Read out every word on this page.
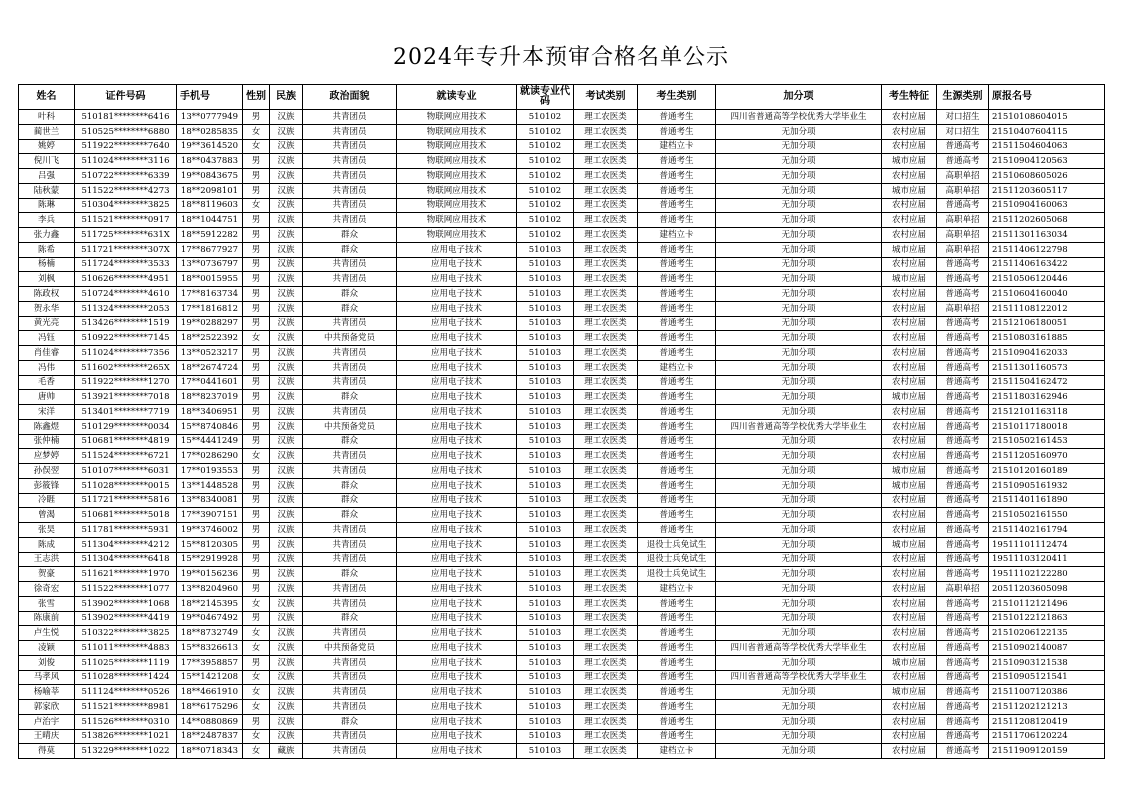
2024年专升本预审合格名单公示
姓名	证件号码	手机号	性别	民族	政治面貌	就读专业	就读专业代码	考试类别	考生类别	加分项	考生特征	生源类别	原报名号
叶科	510181********6416	13**0777949	男	汉族	共青团员	物联网应用技术	510102	理工农医类	普通考生	四川省普通高等学校优秀大学毕业生	农村应届	对口招生	21510108604015
蔺世兰	510525********6880	18**0285835	女	汉族	共青团员	物联网应用技术	510102	理工农医类	普通考生	无加分项	农村应届	对口招生	21510407604115
姚婷	511922********7640	19**3614520	女	汉族	共青团员	物联网应用技术	510102	理工农医类	建档立卡	无加分项	农村应届	普通高考	21511504604063
倪川飞	511024********3116	18**0437883	男	汉族	共青团员	物联网应用技术	510102	理工农医类	普通考生	无加分项	城市应届	普通高考	21510904120563
吕强	510722********6339	19**0843675	男	汉族	共青团员	物联网应用技术	510102	理工农医类	普通考生	无加分项	农村应届	高职单招	21510608605026
陆秋蒙	511522********4273	18**2098101	男	汉族	共青团员	物联网应用技术	510102	理工农医类	普通考生	无加分项	城市应届	高职单招	21511203605117
陈琳	510304********3825	18**8119603	女	汉族	共青团员	物联网应用技术	510102	理工农医类	普通考生	无加分项	农村应届	普通高考	21510904160063
李兵	511521********0917	18**1044751	男	汉族	共青团员	物联网应用技术	510102	理工农医类	普通考生	无加分项	农村应届	高职单招	21511202605068
张力鑫	511725********631X	18**5912282	男	汉族	群众	物联网应用技术	510102	理工农医类	建档立卡	无加分项	农村应届	高职单招	21511301163034
陈希	511721********307X	17**8677927	男	汉族	群众	应用电子技术	510103	理工农医类	普通考生	无加分项	城市应届	高职单招	21511406122798
杨楠	511724********3533	13**0736797	男	汉族	共青团员	应用电子技术	510103	理工农医类	普通考生	无加分项	农村应届	普通高考	21511406163422
刘枫	510626********4951	18**0015955	男	汉族	共青团员	应用电子技术	510103	理工农医类	普通考生	无加分项	城市应届	普通高考	21510506120446
陈政权	510724********4610	17**8163734	男	汉族	群众	应用电子技术	510103	理工农医类	普通考生	无加分项	农村应届	普通高考	21510604160040
贺永华	511324********2053	17**1816812	男	汉族	群众	应用电子技术	510103	理工农医类	普通考生	无加分项	农村应届	高职单招	21511108122012
黄光亮	513426********1519	19**0288297	男	汉族	共青团员	应用电子技术	510103	理工农医类	普通考生	无加分项	农村应届	普通高考	21512106180051
冯钰	510922********7145	18**2522392	女	汉族	中共预备党员	应用电子技术	510103	理工农医类	普通考生	无加分项	农村应届	普通高考	21510803161885
肖佳睿	511024********7356	13**0523217	男	汉族	共青团员	应用电子技术	510103	理工农医类	普通考生	无加分项	农村应届	普通高考	21510904162033
冯伟	511602********265X	18**2674724	男	汉族	共青团员	应用电子技术	510103	理工农医类	建档立卡	无加分项	农村应届	普通高考	21511301160573
毛香	511922********1270	17**0441601	男	汉族	共青团员	应用电子技术	510103	理工农医类	普通考生	无加分项	农村应届	普通高考	21511504162472
唐帅	513921********7018	18**8237019	男	汉族	群众	应用电子技术	510103	理工农医类	普通考生	无加分项	城市应届	普通高考	21511803162946
宋洋	513401********7719	18**3406951	男	汉族	共青团员	应用电子技术	510103	理工农医类	普通考生	无加分项	农村应届	普通高考	21512101163118
陈鑫煜	510129********0034	15**8740846	男	汉族	中共预备党员	应用电子技术	510103	理工农医类	普通考生	四川省普通高等学校优秀大学毕业生	农村应届	普通高考	21510117180018
张仲楠	510681********4819	15**4441249	男	汉族	群众	应用电子技术	510103	理工农医类	普通考生	无加分项	农村应届	普通高考	21510502161453
应梦婷	511524********6721	17**0286290	女	汉族	共青团员	应用电子技术	510103	理工农医类	普通考生	无加分项	农村应届	普通高考	21511205160970
孙俣翌	510107********6031	17**0193553	男	汉族	共青团员	应用电子技术	510103	理工农医类	普通考生	无加分项	城市应届	普通高考	21510120160189
彭筱锋	511028********0015	13**1448528	男	汉族	群众	应用电子技术	510103	理工农医类	普通考生	无加分项	城市应届	普通高考	21510905161932
冷睚	511721********5816	13**8340081	男	汉族	群众	应用电子技术	510103	理工农医类	普通考生	无加分项	农村应届	普通高考	21511401161890
曾渴	510681********5018	17**3907151	男	汉族	群众	应用电子技术	510103	理工农医类	普通考生	无加分项	农村应届	普通高考	21510502161550
张昊	511781********5931	19**3746002	男	汉族	共青团员	应用电子技术	510103	理工农医类	普通考生	无加分项	农村应届	普通高考	21511402161794
陈成	511304********4212	15**8120305	男	汉族	共青团员	应用电子技术	510103	理工农医类	退役士兵免试生	无加分项	城市应届	普通高考	19511101112474
王志洪	511304********6418	15**2919928	男	汉族	共青团员	应用电子技术	510103	理工农医类	退役士兵免试生	无加分项	农村应届	普通高考	19511103120411
贺豪	511621********1970	19**0156236	男	汉族	群众	应用电子技术	510103	理工农医类	退役士兵免试生	无加分项	农村应届	普通高考	19511102122280
徐奇宏	511522********1077	13**8204960	男	汉族	共青团员	应用电子技术	510103	理工农医类	建档立卡	无加分项	农村应届	高职单招	20511203605098
张雪	513902********1068	18**2145395	女	汉族	共青团员	应用电子技术	510103	理工农医类	普通考生	无加分项	农村应届	普通高考	21510112121496
陈康前	513902********4419	19**0467492	男	汉族	群众	应用电子技术	510103	理工农医类	普通考生	无加分项	农村应届	普通高考	21510122121863
卢生悦	510322********3825	18**8732749	女	汉族	共青团员	应用电子技术	510103	理工农医类	普通考生	无加分项	农村应届	普通高考	21510206122135
凌颖	511011********4883	15**8326613	女	汉族	中共预备党员	应用电子技术	510103	理工农医类	普通考生	四川省普通高等学校优秀大学毕业生	农村应届	普通高考	21510902140087
刘俊	511025********1119	17**3958857	男	汉族	共青团员	应用电子技术	510103	理工农医类	普通考生	无加分项	城市应届	普通高考	21510903121538
马孝风	511028********1424	15**1421208	女	汉族	共青团员	应用电子技术	510103	理工农医类	普通考生	四川省普通高等学校优秀大学毕业生	农村应届	普通高考	21510905121541
杨喻莘	511124********0526	18**4661910	女	汉族	共青团员	应用电子技术	510103	理工农医类	普通考生	无加分项	城市应届	普通高考	21511007120386
郭家欣	511521********8981	18**6175296	女	汉族	共青团员	应用电子技术	510103	理工农医类	普通考生	无加分项	农村应届	普通高考	21511202121213
卢治宇	511526********0310	14**0880869	男	汉族	群众	应用电子技术	510103	理工农医类	普通考生	无加分项	农村应届	普通高考	21511208120419
王晴庆	513826********1021	18**2487837	女	汉族	共青团员	应用电子技术	510103	理工农医类	普通考生	无加分项	农村应届	普通高考	21511706120224
得莫	513229********1022	18**0718343	女	藏族	共青团员	应用电子技术	510103	理工农医类	建档立卡	无加分项	农村应届	普通高考	21511909120159
